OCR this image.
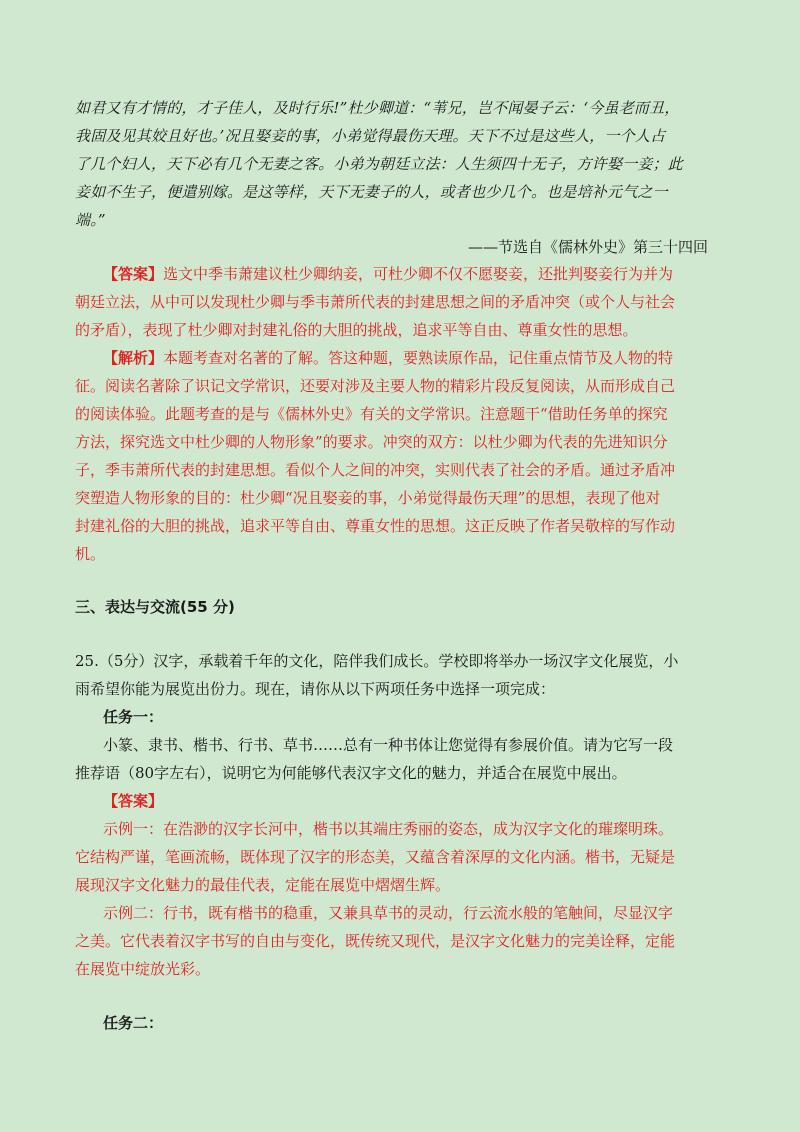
如君又有才情的，才子佳人，及时行乐!”杜少卿道：“苇兄，岂不闻晏子云：‘今虽老而丑，
我固及见其姣且好也。’况且娶妾的事，小弟觉得最伤天理。天下不过是这些人，一个人占
了几个妇人，天下必有几个无妻之客。小弟为朝廷立法：人生须四十无子，方许娶一妾；此
妾如不生子，便遣别嫁。是这等样，天下无妻子的人，或者也少几个。也是培补元气之一
端。”
——节选自《儒林外史》第三十四回
【答案】选文中季韦萧建议杜少卿纳妾，可杜少卿不仅不愿娶妾，还批判娶妾行为并为
朝廷立法，从中可以发现杜少卿与季韦萧所代表的封建思想之间的矛盾冲突（或个人与社会
的矛盾），表现了杜少卿对封建礼俗的大胆的挑战，追求平等自由、尊重女性的思想。
【解析】本题考查对名著的了解。答这种题，要熟读原作品，记住重点情节及人物的特
征。阅读名著除了识记文学常识，还要对涉及主要人物的精彩片段反复阅读，从而形成自己
的阅读体验。此题考查的是与《儒林外史》有关的文学常识。注意题干“借助任务单的探究
方法，探究选文中杜少卿的人物形象”的要求。冲突的双方：以杜少卿为代表的先进知识分
子，季韦萧所代表的封建思想。看似个人之间的冲突，实则代表了社会的矛盾。通过矛盾冲
突塑造人物形象的目的：杜少卿“况且娶妾的事，小弟觉得最伤天理”的思想，表现了他对
封建礼俗的大胆的挑战，追求平等自由、尊重女性的思想。这正反映了作者吴敬梓的写作动
机。
三、表达与交流(55 分)
25.（5分）汉字，承载着千年的文化，陪伴我们成长。学校即将举办一场汉字文化展览，小
雨希望你能为展览出份力。现在，请你从以下两项任务中选择一项完成：
任务一：
小篆、隶书、楷书、行书、草书……总有一种书体让您觉得有参展价值。请为它写一段
推荐语（80字左右），说明它为何能够代表汉字文化的魅力，并适合在展览中展出。
【答案】
示例一：在浩渺的汉字长河中，楷书以其端庄秀丽的姿态，成为汉字文化的璀璨明珠。
它结构严谨，笔画流畅，既体现了汉字的形态美，又蕴含着深厚的文化内涵。楷书，无疑是
展现汉字文化魅力的最佳代表，定能在展览中熠熠生辉。
示例二：行书，既有楷书的稳重，又兼具草书的灵动，行云流水般的笔触间，尽显汉字
之美。它代表着汉字书写的自由与变化，既传统又现代，是汉字文化魅力的完美诠释，定能
在展览中绽放光彩。
任务二：
